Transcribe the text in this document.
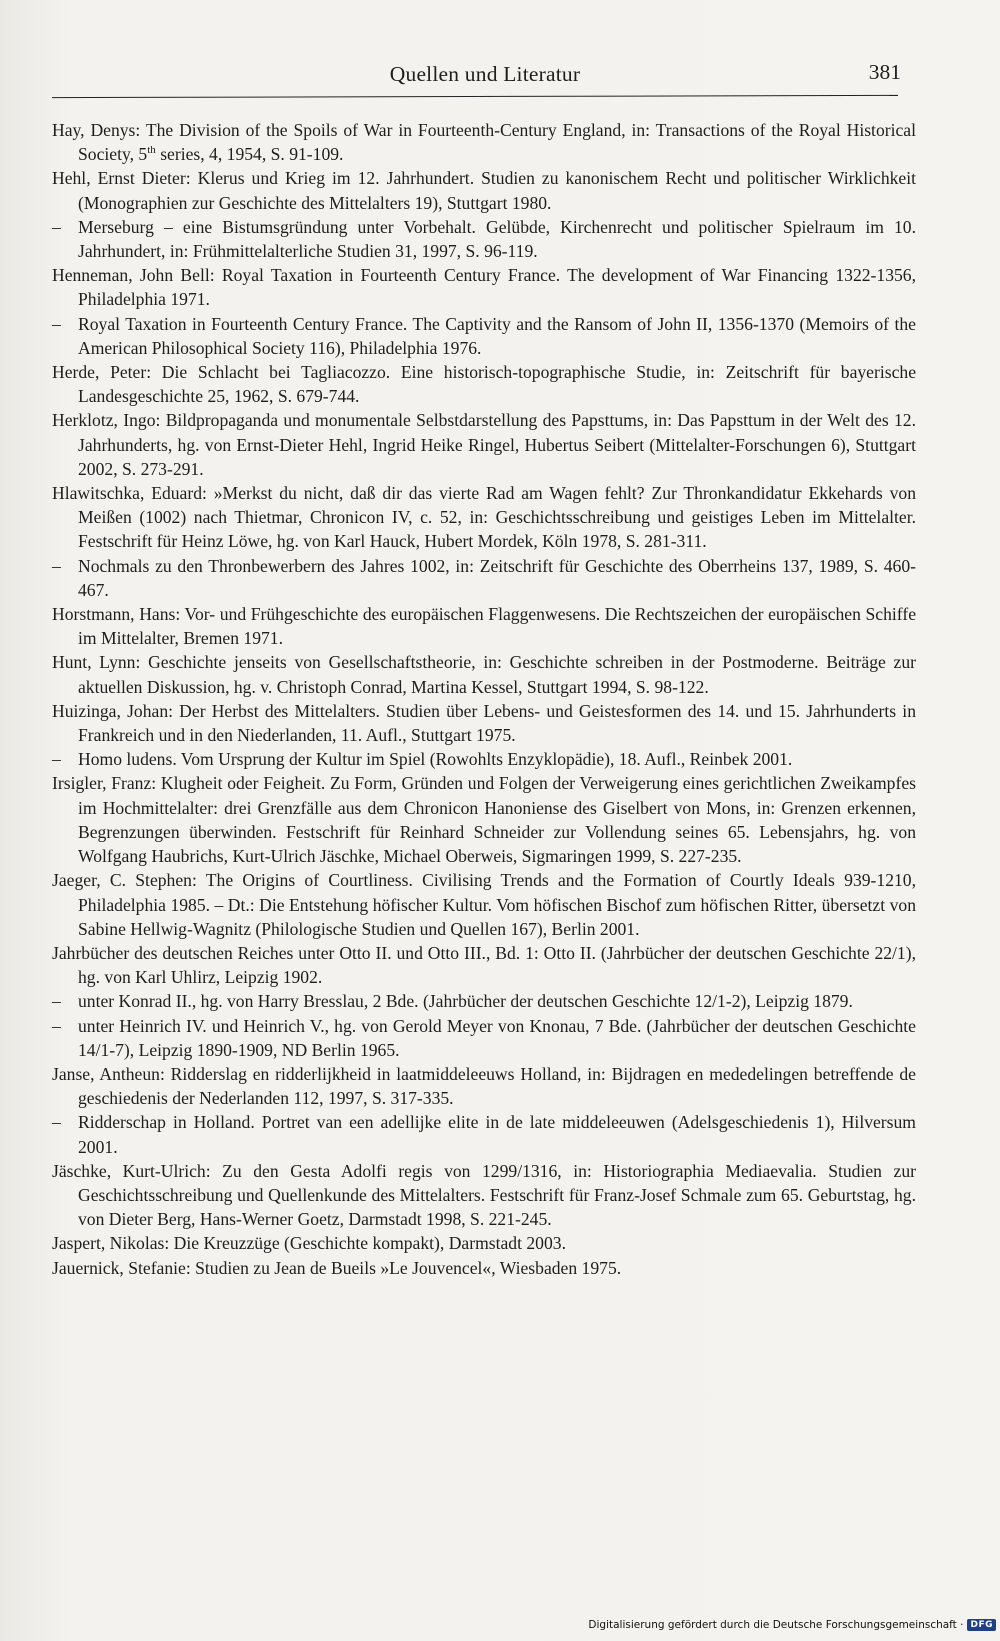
Quellen und Literatur	381

Hay, Denys: The Division of the Spoils of War in Fourteenth-Century England, in: Transactions of the Royal Historical Society, 5th series, 4, 1954, S. 91-109.

Hehl, Ernst Dieter: Klerus und Krieg im 12. Jahrhundert. Studien zu kanonischem Recht und politischer Wirklichkeit (Monographien zur Geschichte des Mittelalters 19), Stuttgart 1980.

– Merseburg – eine Bistumsgründung unter Vorbehalt. Gelübde, Kirchenrecht und politischer Spielraum im 10. Jahrhundert, in: Frühmittelalterliche Studien 31, 1997, S. 96-119.

Henneman, John Bell: Royal Taxation in Fourteenth Century France. The development of War Financing 1322-1356, Philadelphia 1971.

– Royal Taxation in Fourteenth Century France. The Captivity and the Ransom of John II, 1356-1370 (Memoirs of the American Philosophical Society 116), Philadelphia 1976.

Herde, Peter: Die Schlacht bei Tagliacozzo. Eine historisch-topographische Studie, in: Zeitschrift für bayerische Landesgeschichte 25, 1962, S. 679-744.

Herklotz, Ingo: Bildpropaganda und monumentale Selbstdarstellung des Papsttums, in: Das Papsttum in der Welt des 12. Jahrhunderts, hg. von Ernst-Dieter Hehl, Ingrid Heike Ringel, Hubertus Seibert (Mittelalter-Forschungen 6), Stuttgart 2002, S. 273-291.

Hlawitschka, Eduard: »Merkst du nicht, daß dir das vierte Rad am Wagen fehlt? Zur Thronkandidatur Ekkehards von Meißen (1002) nach Thietmar, Chronicon IV, c. 52, in: Geschichtsschreibung und geistiges Leben im Mittelalter. Festschrift für Heinz Löwe, hg. von Karl Hauck, Hubert Mordek, Köln 1978, S. 281-311.

– Nochmals zu den Thronbewerbern des Jahres 1002, in: Zeitschrift für Geschichte des Oberrheins 137, 1989, S. 460-467.

Horstmann, Hans: Vor- und Frühgeschichte des europäischen Flaggenwesens. Die Rechtszeichen der europäischen Schiffe im Mittelalter, Bremen 1971.

Hunt, Lynn: Geschichte jenseits von Gesellschaftstheorie, in: Geschichte schreiben in der Postmoderne. Beiträge zur aktuellen Diskussion, hg. v. Christoph Conrad, Martina Kessel, Stuttgart 1994, S. 98-122.

Huizinga, Johan: Der Herbst des Mittelalters. Studien über Lebens- und Geistesformen des 14. und 15. Jahrhunderts in Frankreich und in den Niederlanden, 11. Aufl., Stuttgart 1975.

– Homo ludens. Vom Ursprung der Kultur im Spiel (Rowohlts Enzyklopädie), 18. Aufl., Reinbek 2001.

Irsigler, Franz: Klugheit oder Feigheit. Zu Form, Gründen und Folgen der Verweigerung eines gerichtlichen Zweikampfes im Hochmittelalter: drei Grenzfälle aus dem Chronicon Hanoniense des Giselbert von Mons, in: Grenzen erkennen, Begrenzungen überwinden. Festschrift für Reinhard Schneider zur Vollendung seines 65. Lebensjahrs, hg. von Wolfgang Haubrichs, Kurt-Ulrich Jäschke, Michael Oberweis, Sigmaringen 1999, S. 227-235.

Jaeger, C. Stephen: The Origins of Courtliness. Civilising Trends and the Formation of Courtly Ideals 939-1210, Philadelphia 1985. – Dt.: Die Entstehung höfischer Kultur. Vom höfischen Bischof zum höfischen Ritter, übersetzt von Sabine Hellwig-Wagnitz (Philologische Studien und Quellen 167), Berlin 2001.

Jahrbücher des deutschen Reiches unter Otto II. und Otto III., Bd. 1: Otto II. (Jahrbücher der deutschen Geschichte 22/1), hg. von Karl Uhlirz, Leipzig 1902.

– unter Konrad II., hg. von Harry Bresslau, 2 Bde. (Jahrbücher der deutschen Geschichte 12/1-2), Leipzig 1879.

– unter Heinrich IV. und Heinrich V., hg. von Gerold Meyer von Knonau, 7 Bde. (Jahrbücher der deutschen Geschichte 14/1-7), Leipzig 1890-1909, ND Berlin 1965.

Janse, Antheun: Ridderslag en ridderlijkheid in laatmiddeleeuws Holland, in: Bijdragen en mededelingen betreffende de geschiedenis der Nederlanden 112, 1997, S. 317-335.

– Ridderschap in Holland. Portret van een adellijke elite in de late middeleeuwen (Adelsgeschiedenis 1), Hilversum 2001.

Jäschke, Kurt-Ulrich: Zu den Gesta Adolfi regis von 1299/1316, in: Historiographia Mediaevalia. Studien zur Geschichtsschreibung und Quellenkunde des Mittelalters. Festschrift für Franz-Josef Schmale zum 65. Geburtstag, hg. von Dieter Berg, Hans-Werner Goetz, Darmstadt 1998, S. 221-245.

Jaspert, Nikolas: Die Kreuzzüge (Geschichte kompakt), Darmstadt 2003.

Jauernick, Stefanie: Studien zu Jean de Bueils »Le Jouvencel«, Wiesbaden 1975.

Digitalisierung gefördert durch die Deutsche Forschungsgemeinschaft · DFG
